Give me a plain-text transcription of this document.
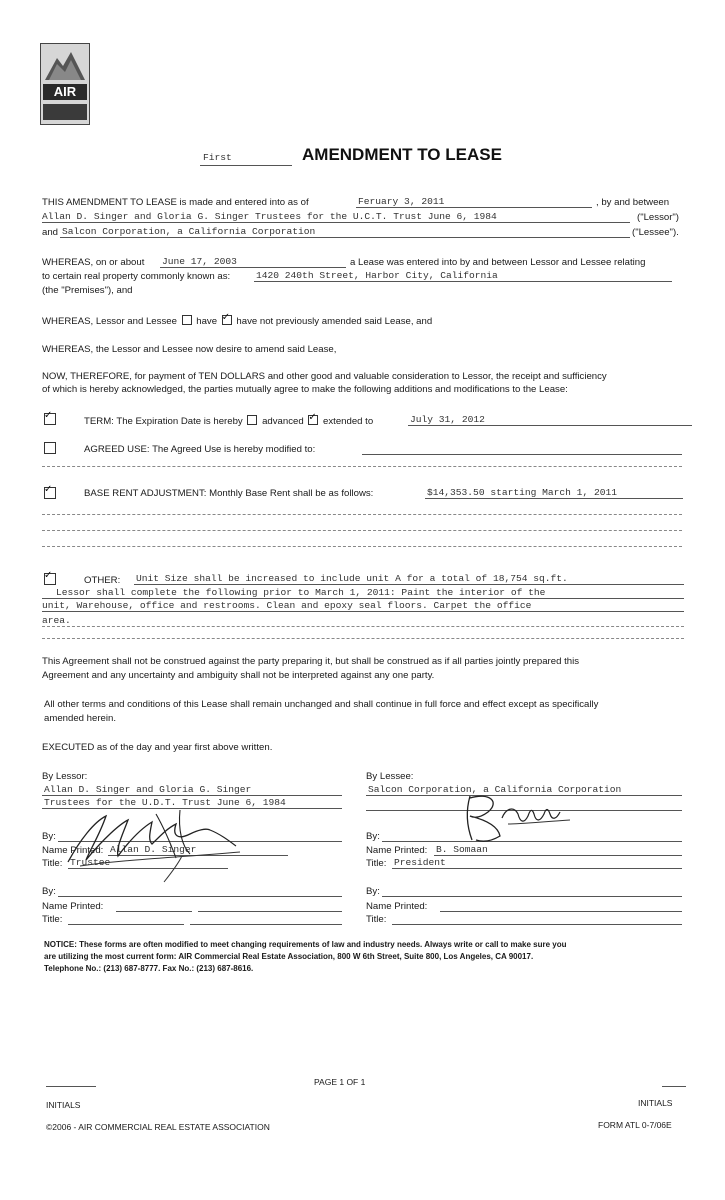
AIR
First	AMENDMENT TO LEASE
THIS AMENDMENT TO LEASE is made and entered into as of	Feruary 3, 2011	, by and between
Allan D. Singer and Gloria G. Singer Trustees for the U.C.T. Trust June 6, 1984	("Lessor")
and Salcon Corporation, a California Corporation	("Lessee").
WHEREAS, on or about June 17, 2003	a Lease was entered into by and between Lessor and Lessee relating
to certain real property commonly known as:	1420 240th Street, Harbor City, California
(the "Premises"), and
WHEREAS, Lessor and Lessee have ✓ have not previously amended said Lease, and
WHEREAS, the Lessor and Lessee now desire to amend said Lease,
NOW, THEREFORE, for payment of TEN DOLLARS and other good and valuable consideration to Lessor, the receipt and sufficiency
of which is hereby acknowledged, the parties mutually agree to make the following additions and modifications to the Lease:
✓
TERM: The Expiration Date is hereby advanced ✓ extended to	July 31, 2012
AGREED USE: The Agreed Use is hereby modified to:
✓
BASE RENT ADJUSTMENT: Monthly Base Rent shall be as follows:	$14,353.50 starting March 1, 2011
✓
OTHER: Unit Size shall be increased to include unit A for a total of 18,754 sq.ft.
Lessor shall complete the following prior to March 1, 2011: Paint the interior of the
unit, Warehouse, office and restrooms. Clean and epoxy seal floors. Carpet the office
area.
This Agreement shall not be construed against the party preparing it, but shall be construed as if all parties jointly prepared this
Agreement and any uncertainty and ambiguity shall not be interpreted against any one party.
All other terms and conditions of this Lease shall remain unchanged and shall continue in full force and effect except as specifically
amended herein.
EXECUTED as of the day and year first above written.
By Lessor:
Allan D. Singer and Gloria G. Singer
Trustees for the U.D.T. Trust June 6, 1984
By:
Name Printed: Allan D. Singer
Title: Trustee
By:
Name Printed:
Title:
By Lessee:
Salcon Corporation, a California Corporation
By:
Name Printed: B. Somaan
Title: President
By:
Name Printed:
Title:
NOTICE: These forms are often modified to meet changing requirements of law and industry needs. Always write or call to make sure you
are utilizing the most current form: AIR Commercial Real Estate Association, 800 W 6th Street, Suite 800, Los Angeles, CA 90017.
Telephone No.: (213) 687-8777. Fax No.: (213) 687-8616.
PAGE 1 OF 1
INITIALS	INITIALS
©2006 - AIR COMMERCIAL REAL ESTATE ASSOCIATION	FORM ATL 0-7/06E
